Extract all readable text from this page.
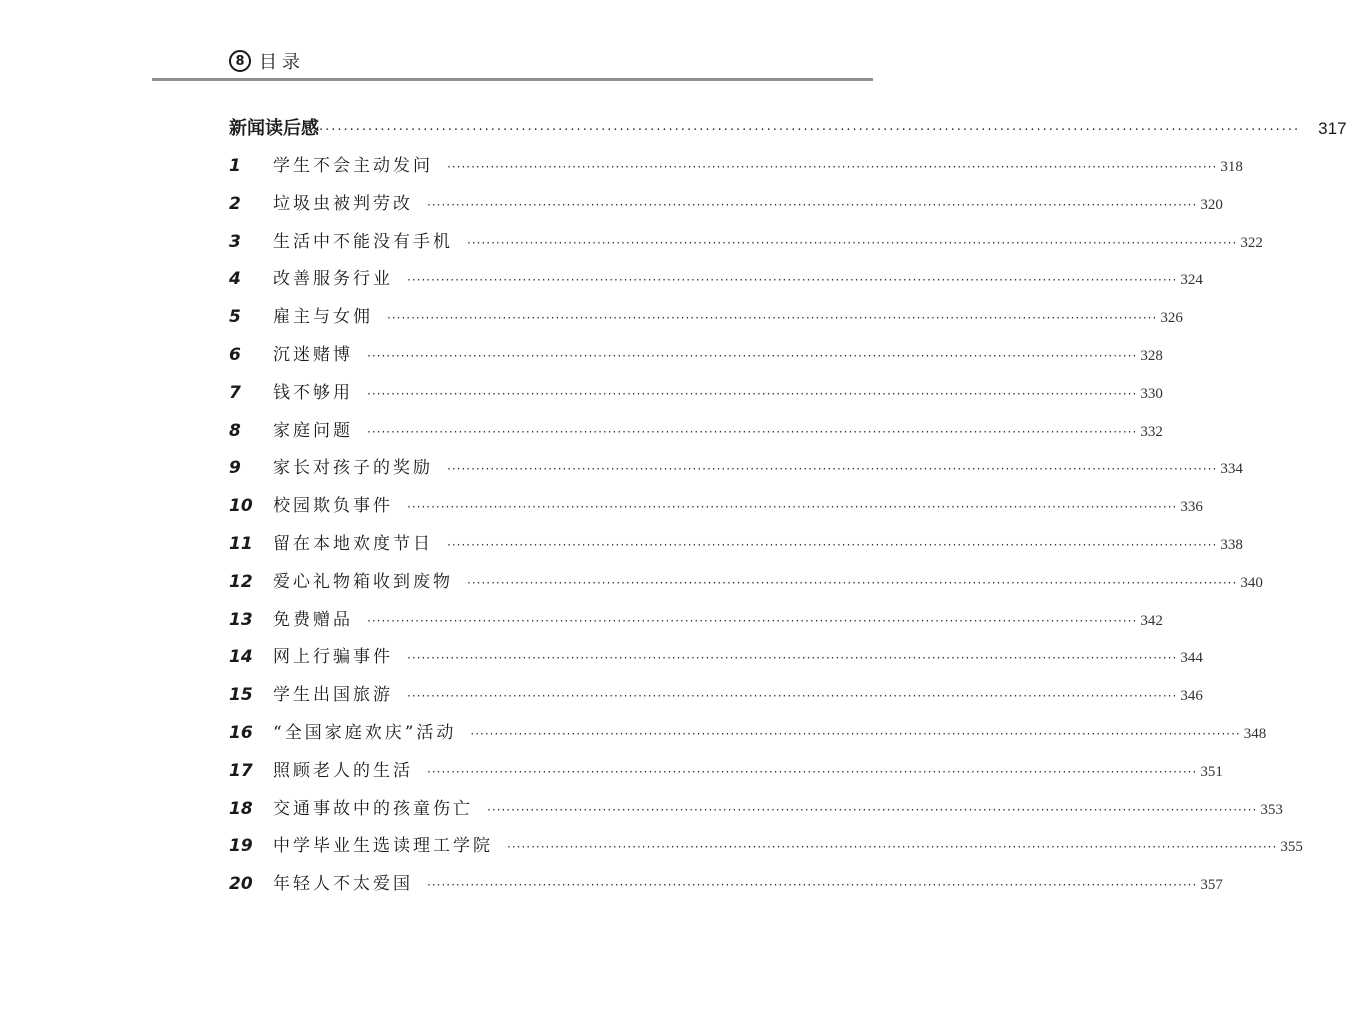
8 目录
新闻读后感 ································································································································································ 317
1	学生不会主动发问	································································································································································ 318
2	垃圾虫被判劳改	································································································································································ 320
3	生活中不能没有手机	································································································································································ 322
4	改善服务行业	································································································································································ 324
5	雇主与女佣	································································································································································ 326
6	沉迷赌博	································································································································································ 328
7	钱不够用	································································································································································ 330
8	家庭问题	································································································································································ 332
9	家长对孩子的奖励	································································································································································ 334
10	校园欺负事件	································································································································································ 336
11	留在本地欢度节日	································································································································································ 338
12	爱心礼物箱收到废物	································································································································································ 340
13	免费赠品	································································································································································ 342
14	网上行骗事件	································································································································································ 344
15	学生出国旅游	································································································································································ 346
16	“全国家庭欢庆”活动	································································································································································ 348
17	照顾老人的生活	································································································································································ 351
18	交通事故中的孩童伤亡	································································································································································ 353
19	中学毕业生选读理工学院	································································································································································ 355
20	年轻人不太爱国	································································································································································ 357
